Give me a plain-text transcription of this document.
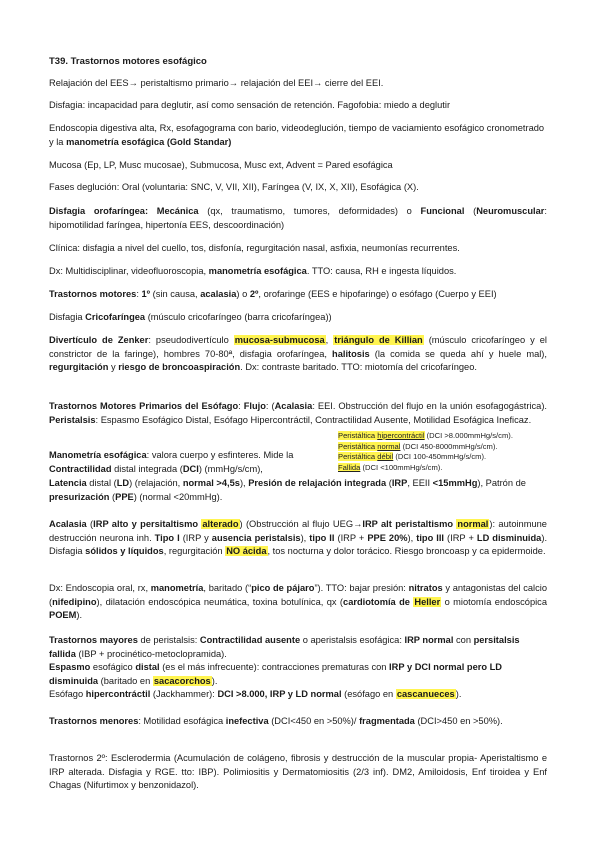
T39. Trastornos motores esofágico

Relajación del EES→ peristaltismo primario→ relajación del EEI→ cierre del EEI.

Disfagia: incapacidad para deglutir, así como sensación de retención. Fagofobia: miedo a deglutir

Endoscopia digestiva alta, Rx, esofagograma con bario, videodeglución, tiempo de vaciamiento esofágico cronometrado y la manometría esofágica (Gold Standar)

Mucosa (Ep, LP, Musc mucosae), Submucosa, Musc ext, Advent = Pared esofágica

Fases deglución: Oral (voluntaria: SNC, V, VII, XII), Faríngea (V, IX, X, XII), Esofágica (X).

Disfagia orofaríngea: Mecánica (qx, traumatismo, tumores, deformidades) o Funcional (Neuromuscular: hipomotilidad faríngea, hipertonía EES, descoordinación)

Clínica: disfagia a nivel del cuello, tos, disfonía, regurgitación nasal, asfixia, neumonías recurrentes.

Dx: Multidisciplinar, videofluoroscopia, manometría esofágica. TTO: causa, RH e ingesta líquidos.

Trastornos motores: 1º (sin causa, acalasia) o 2º, orofaringe (EES e hipofaringe) o esófago (Cuerpo y EEI)

Disfagia Cricofaríngea (músculo cricofaríngeo (barra cricofaríngea))

Divertículo de Zenker: pseudodivertículo mucosa-submucosa, triángulo de Killian (músculo cricofaríngeo y el constrictor de la faringe), hombres 70-80ª, disfagia orofaríngea, halitosis (la comida se queda ahí y huele mal), regurgitación y riesgo de broncoaspiración. Dx: contraste baritado. TTO: miotomía del cricofaríngeo.

Trastornos Motores Primarios del Esófago: Flujo: (Acalasia: EEI. Obstrucción del flujo en la unión esofagogástrica). Peristalsis: Espasmo Esofágico Distal, Esófago Hipercontráctil, Contractilidad Ausente, Motilidad Esofágica Ineficaz.

Manometría esofágica: valora cuerpo y esfinteres. Mide la Contractilidad distal integrada (DCI) (mmHg/s/cm),

Latencia distal (LD) (relajación, normal >4,5s), Presión de relajación integrada (IRP, EEII <15mmHg), Patrón de presurización (PPE) (normal <20mmHg).

Peristáltica hipercontráctil (DCI >8.000mmHg/s/cm).
Peristáltica normal (DCI 450-8000mmHg/s/cm).
Peristáltica débil (DCI 100-450mmHg/s/cm).
Fallida (DCI <100mmHg/s/cm).

Acalasia (IRP alto y persitaltismo alterado) (Obstrucción al flujo UEG→IRP alt peristaltismo normal): autoinmune destrucción neurona inh. Tipo I (IRP y ausencia peristalsis), tipo II (IRP + PPE 20%), tipo III (IRP + LD disminuida). Disfagia sólidos y líquidos, regurgitación NO ácida, tos nocturna y dolor torácico. Riesgo broncoasp y ca epidermoide.

Dx: Endoscopia oral, rx, manometría, baritado (“pico de pájaro”). TTO: bajar presión: nitratos y antagonistas del calcio (nifedipino), dilatación endoscópica neumática, toxina botulínica, qx (cardiotomía de Heller o miotomía endoscópica POEM).

Trastornos mayores de peristalsis: Contractilidad ausente o aperistalsis esofágica: IRP normal con persitalsis fallida (IBP + procinético-metoclopramida).
Espasmo esofágico distal (es el más infrecuente): contracciones prematuras con IRP y DCI normal pero LD disminuida (baritado en sacacorchos).
Esófago hipercontráctil (Jackhammer): DCI >8.000, IRP y LD normal (esófago en cascanueces).

Trastornos menores: Motilidad esofágica inefectiva (DCI<450 en >50%)/ fragmentada (DCI>450 en >50%).

Trastornos 2º: Esclerodermia (Acumulación de colágeno, fibrosis y destrucción de la muscular propia- Aperistaltismo e IRP alterada. Disfagia y RGE. tto: IBP). Polimiositis y Dermatomiositis (2/3 inf). DM2, Amiloidosis, Enf tiroidea y Enf Chagas (Nifurtimox y benzonidazol).
